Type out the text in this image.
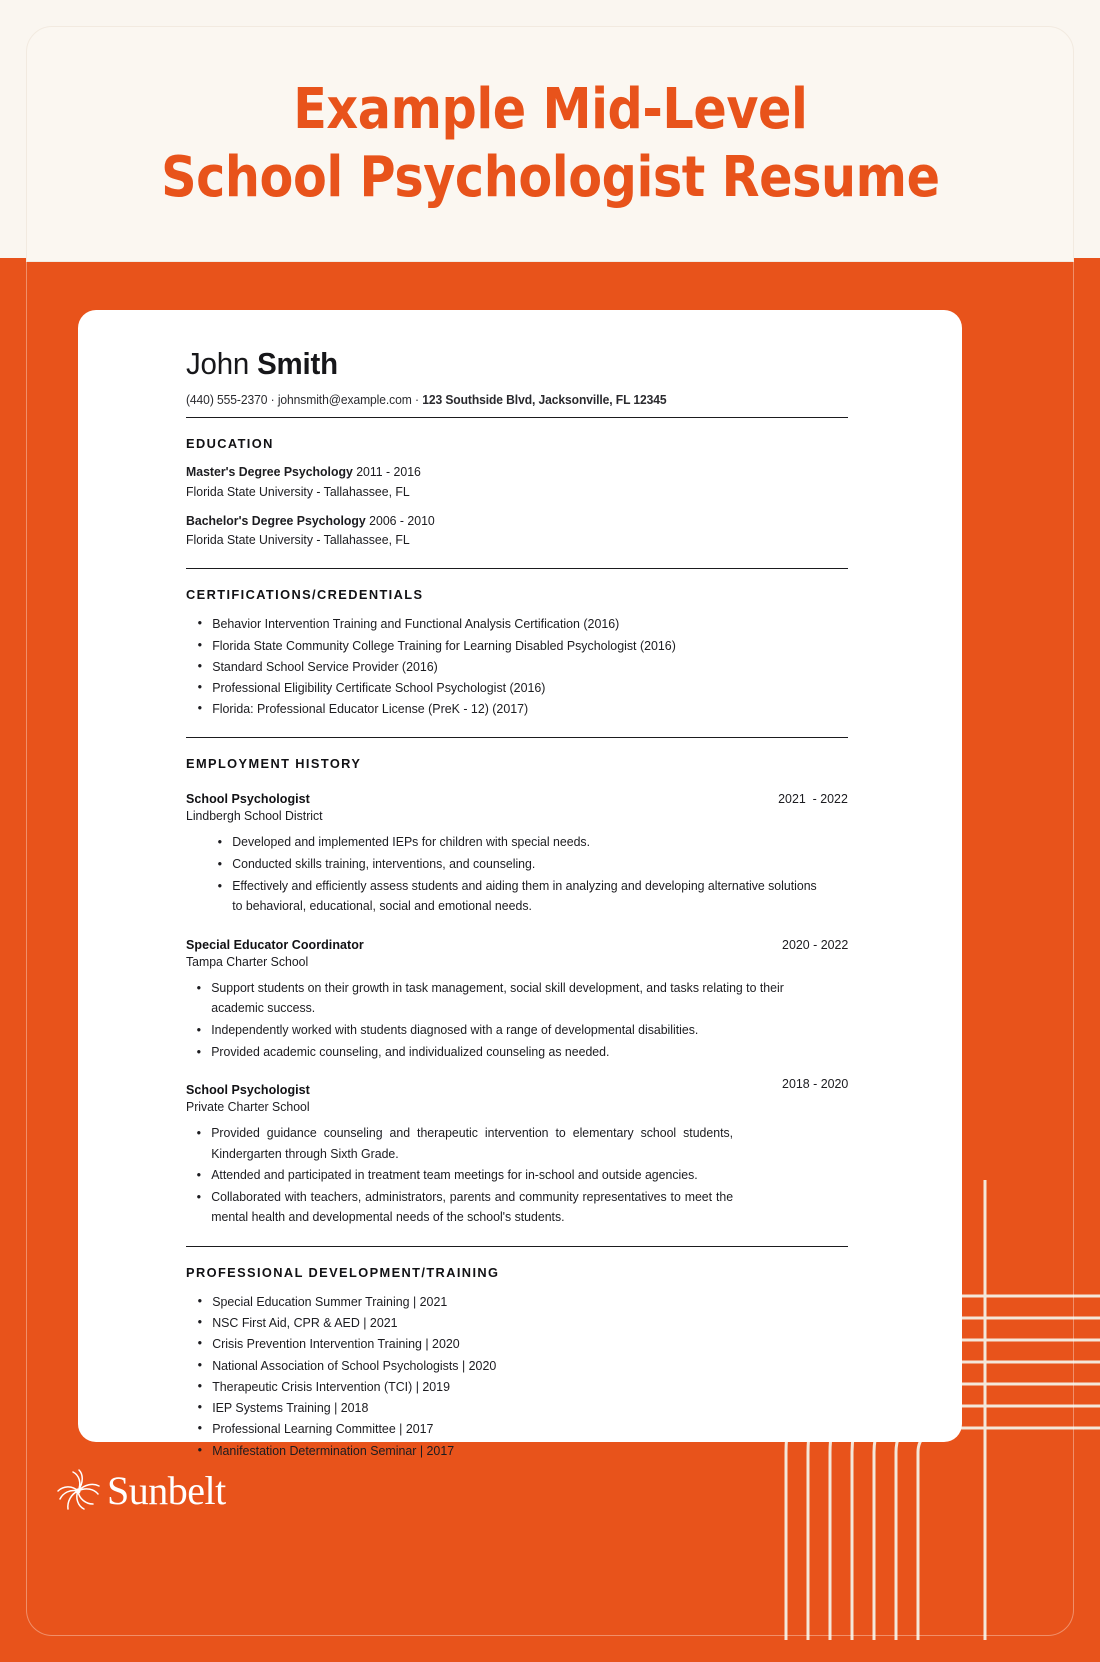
Example Mid-Level
School Psychologist Resume
John Smith
(440) 555-2370 · johnsmith@example.com · 123 Southside Blvd, Jacksonville, FL 12345
EDUCATION
Master's Degree Psychology 2011 - 2016
Florida State University - Tallahassee, FL
Bachelor's Degree Psychology 2006 - 2010
Florida State University - Tallahassee, FL
CERTIFICATIONS/CREDENTIALS
• Behavior Intervention Training and Functional Analysis Certification (2016)
• Florida State Community College Training for Learning Disabled Psychologist (2016)
• Standard School Service Provider (2016)
• Professional Eligibility Certificate School Psychologist (2016)
• Florida: Professional Educator License (PreK - 12) (2017)
EMPLOYMENT HISTORY
School Psychologist	2021  - 2022
Lindbergh School District
• Developed and implemented IEPs for children with special needs.
• Conducted skills training, interventions, and counseling.
• Effectively and efficiently assess students and aiding them in analyzing and developing alternative solutions to behavioral, educational, social and emotional needs.
Special Educator Coordinator	2020 - 2022
Tampa Charter School
• Support students on their growth in task management, social skill development, and tasks relating to their academic success.
• Independently worked with students diagnosed with a range of developmental disabilities.
• Provided academic counseling, and individualized counseling as needed.
School Psychologist	2018 - 2020
Private Charter School
• Provided guidance counseling and therapeutic intervention to elementary school students, Kindergarten through Sixth Grade.
• Attended and participated in treatment team meetings for in-school and outside agencies.
• Collaborated with teachers, administrators, parents and community representatives to meet the mental health and developmental needs of the school's students.
PROFESSIONAL DEVELOPMENT/TRAINING
• Special Education Summer Training | 2021
• NSC First Aid, CPR & AED | 2021
• Crisis Prevention Intervention Training | 2020
• National Association of School Psychologists | 2020
• Therapeutic Crisis Intervention (TCI) | 2019
• IEP Systems Training | 2018
• Professional Learning Committee | 2017
• Manifestation Determination Seminar | 2017
Sunbelt
